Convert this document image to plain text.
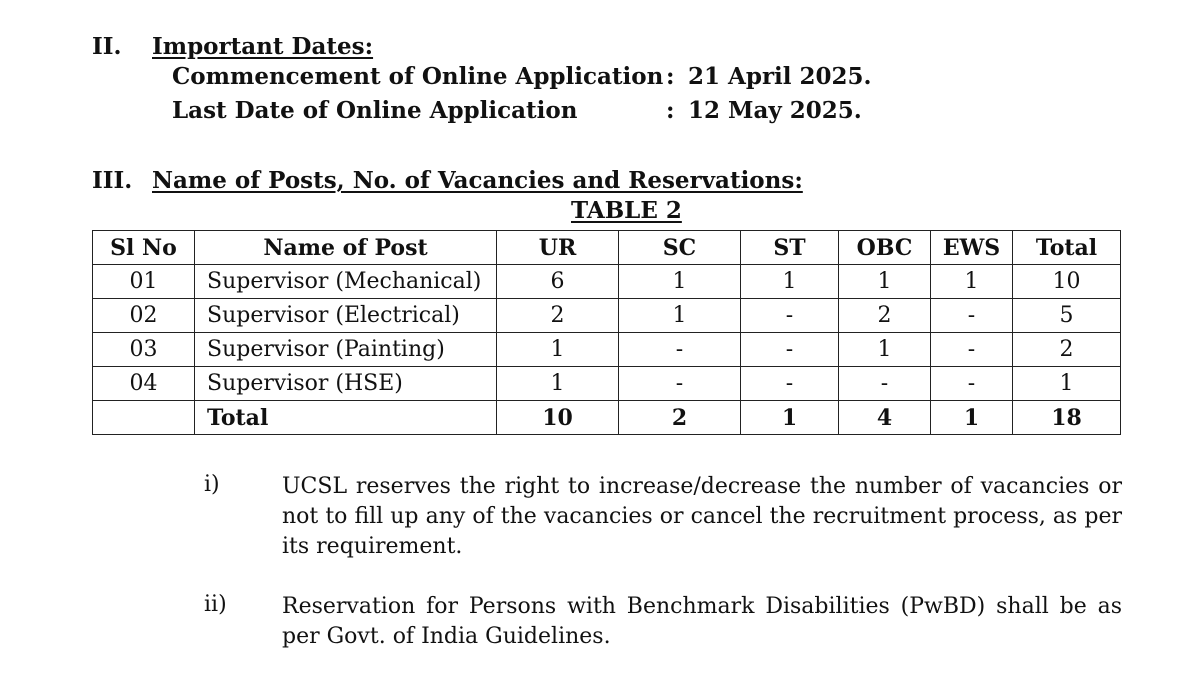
II. Important Dates:
Commencement of Online Application : 21 April 2025.
Last Date of Online Application	: 12 May 2025.
III. Name of Posts, No. of Vacancies and Reservations:
TABLE 2
Sl No	Name of Post	UR	SC	ST	OBC	EWS	Total
01	Supervisor (Mechanical)	6	1	1	1	1	10
02	Supervisor (Electrical)	2	1	-	2	-	5
03	Supervisor (Painting)	1	-	-	1	-	2
04	Supervisor (HSE)	1	-	-	-	-	1
	Total	10	2	1	4	1	18
i)	UCSL reserves the right to increase/decrease the number of vacancies or not to fill up any of the vacancies or cancel the recruitment process, as per its requirement.
ii)	Reservation for Persons with Benchmark Disabilities (PwBD) shall be as per Govt. of India Guidelines.
